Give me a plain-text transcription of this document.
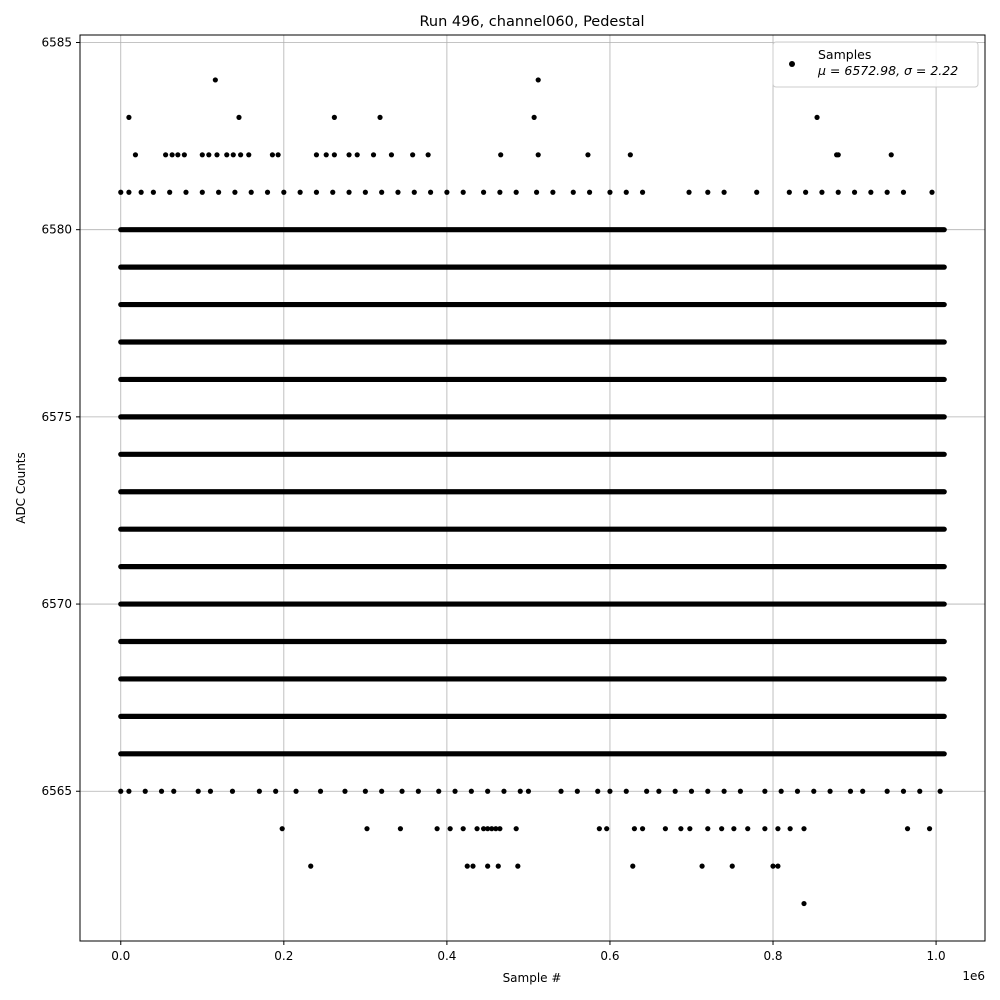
0.0	0.2	0.4	0.6	0.8	1.0
6565
6570
6575
6580
6585
Run 496, channel060, Pedestal
Sample #
ADC Counts
1e6
Samples
μ = 6572.98, σ = 2.22
